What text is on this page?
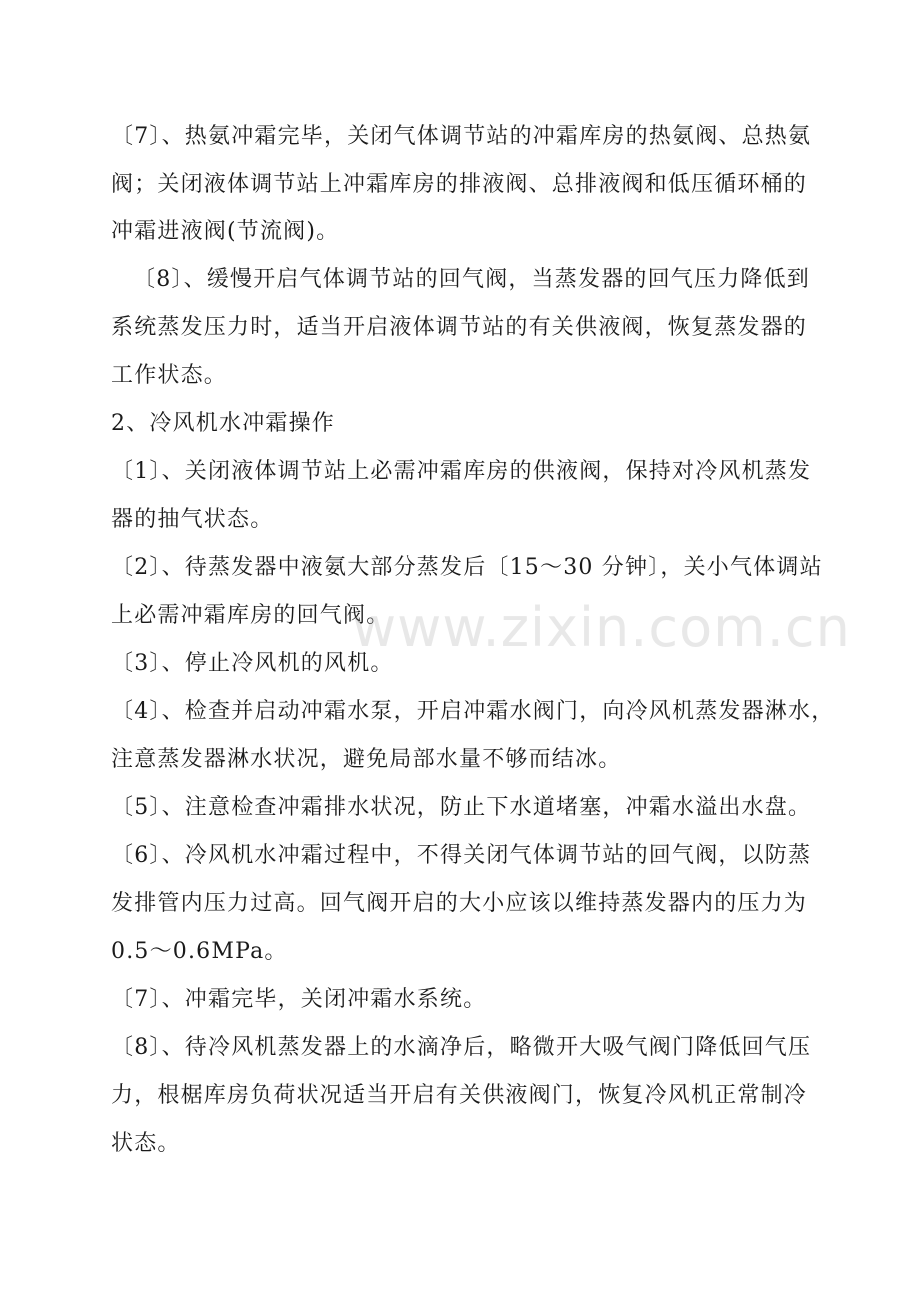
〔7〕、热氨冲霜完毕，关闭气体调节站的冲霜库房的热氨阀、总热氨
阀；关闭液体调节站上冲霜库房的排液阀、总排液阀和低压循环桶的
冲霜进液阀(节流阀)。
〔8〕、缓慢开启气体调节站的回气阀，当蒸发器的回气压力降低到
系统蒸发压力时，适当开启液体调节站的有关供液阀，恢复蒸发器的
工作状态。
2、冷风机水冲霜操作
〔1〕、关闭液体调节站上必需冲霜库房的供液阀，保持对冷风机蒸发
器的抽气状态。
〔2〕、待蒸发器中液氨大部分蒸发后〔15～30 分钟〕，关小气体调站
上必需冲霜库房的回气阀。
〔3〕、停止冷风机的风机。
〔4〕、检查并启动冲霜水泵，开启冲霜水阀门，向冷风机蒸发器淋水，
注意蒸发器淋水状况，避免局部水量不够而结冰。
〔5〕、注意检查冲霜排水状况，防止下水道堵塞，冲霜水溢出水盘。
〔6〕、冷风机水冲霜过程中，不得关闭气体调节站的回气阀，以防蒸
发排管内压力过高。回气阀开启的大小应该以维持蒸发器内的压力为
0.5～0.6MPa。
〔7〕、冲霜完毕，关闭冲霜水系统。
〔8〕、待冷风机蒸发器上的水滴净后，略微开大吸气阀门降低回气压
力，根椐库房负荷状况适当开启有关供液阀门，恢复冷风机正常制冷
状态。
www.zixin.com.cn
